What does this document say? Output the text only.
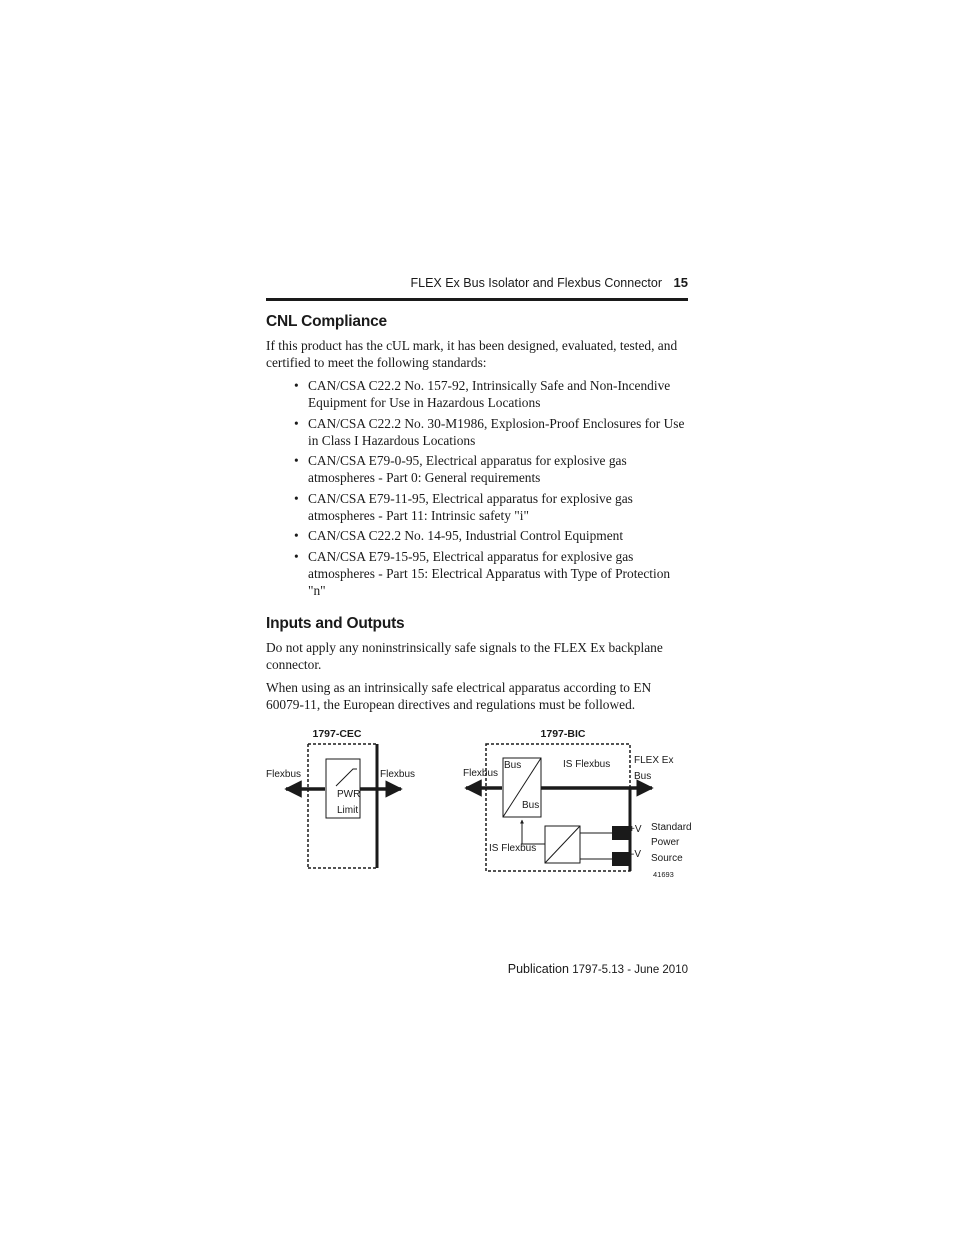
FLEX Ex Bus Isolator and Flexbus Connector 15
CNL Compliance
If this product has the cUL mark, it has been designed, evaluated, tested, and certified to meet the following standards:
• CAN/CSA C22.2 No. 157-92, Intrinsically Safe and Non-Incendive Equipment for Use in Hazardous Locations
• CAN/CSA C22.2 No. 30-M1986, Explosion-Proof Enclosures for Use in Class I Hazardous Locations
• CAN/CSA E79-0-95, Electrical apparatus for explosive gas atmospheres - Part 0: General requirements
• CAN/CSA E79-11-95, Electrical apparatus for explosive gas atmospheres - Part 11: Intrinsic safety "i"
• CAN/CSA C22.2 No. 14-95, Industrial Control Equipment
• CAN/CSA E79-15-95, Electrical apparatus for explosive gas atmospheres - Part 15: Electrical Apparatus with Type of Protection "n"
Inputs and Outputs
Do not apply any noninstrinsically safe signals to the FLEX Ex backplane connector.
When using as an intrinsically safe electrical apparatus according to EN 60079-11, the European directives and regulations must be followed.
1797-CEC
PWR
Limit
Flexbus	Flexbus
1797-BIC
Bus
Bus
IS Flexbus
Flexbus
FLEX Ex
Bus
+V
-V
IS Flexbus
Standard
Power
Source
41693
Publication 1797-5.13 - June 2010
